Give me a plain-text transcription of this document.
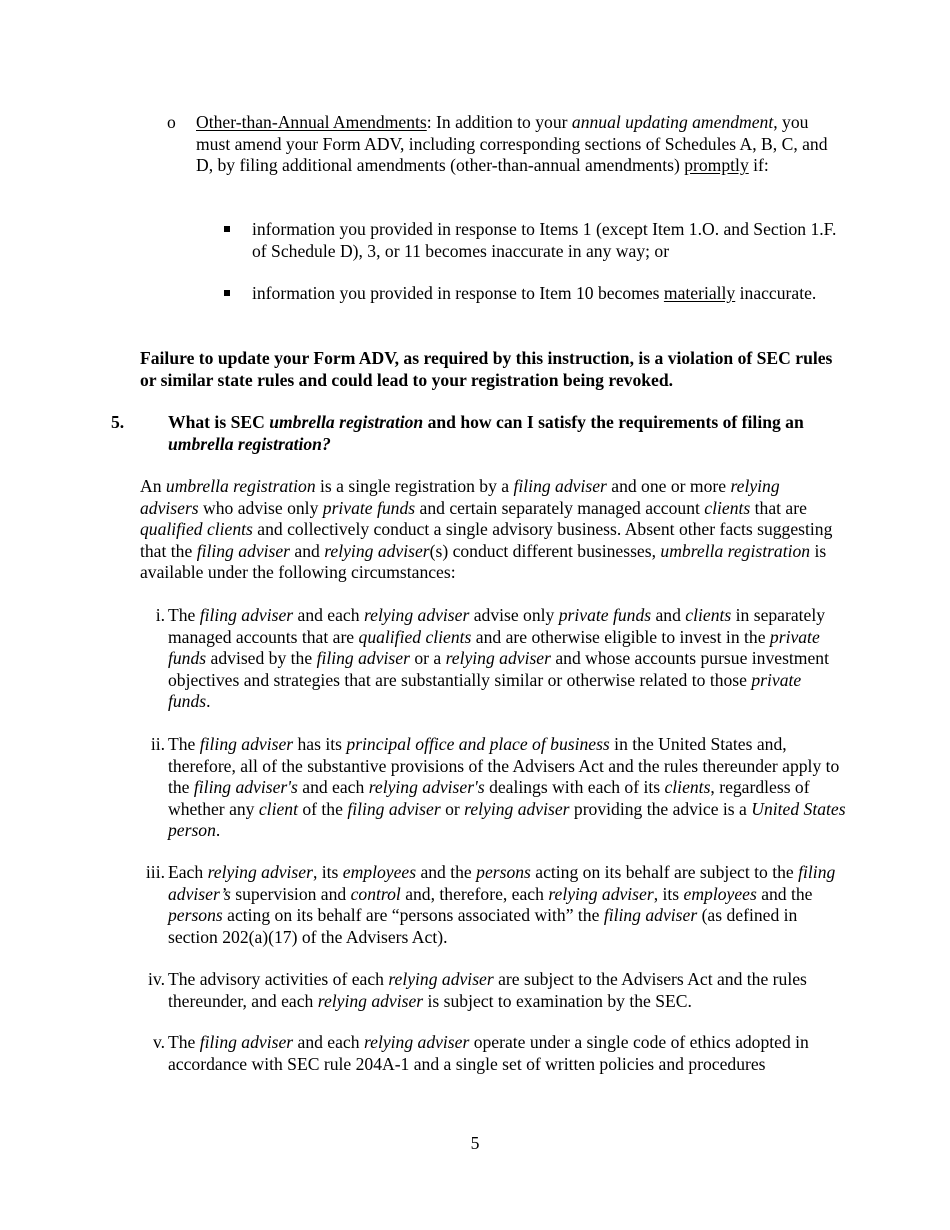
o Other-than-Annual Amendments: In addition to your annual updating amendment, you must amend your Form ADV, including corresponding sections of Schedules A, B, C, and D, by filing additional amendments (other-than-annual amendments) promptly if:

information you provided in response to Items 1 (except Item 1.O. and Section 1.F. of Schedule D), 3, or 11 becomes inaccurate in any way; or

information you provided in response to Item 10 becomes materially inaccurate.

Failure to update your Form ADV, as required by this instruction, is a violation of SEC rules or similar state rules and could lead to your registration being revoked.

5. What is SEC umbrella registration and how can I satisfy the requirements of filing an umbrella registration?

An umbrella registration is a single registration by a filing adviser and one or more relying advisers who advise only private funds and certain separately managed account clients that are qualified clients and collectively conduct a single advisory business. Absent other facts suggesting that the filing adviser and relying adviser(s) conduct different businesses, umbrella registration is available under the following circumstances:

i. The filing adviser and each relying adviser advise only private funds and clients in separately managed accounts that are qualified clients and are otherwise eligible to invest in the private funds advised by the filing adviser or a relying adviser and whose accounts pursue investment objectives and strategies that are substantially similar or otherwise related to those private funds.

ii. The filing adviser has its principal office and place of business in the United States and, therefore, all of the substantive provisions of the Advisers Act and the rules thereunder apply to the filing adviser's and each relying adviser's dealings with each of its clients, regardless of whether any client of the filing adviser or relying adviser providing the advice is a United States person.

iii. Each relying adviser, its employees and the persons acting on its behalf are subject to the filing adviser’s supervision and control and, therefore, each relying adviser, its employees and the persons acting on its behalf are “persons associated with” the filing adviser (as defined in section 202(a)(17) of the Advisers Act).

iv. The advisory activities of each relying adviser are subject to the Advisers Act and the rules thereunder, and each relying adviser is subject to examination by the SEC.

v. The filing adviser and each relying adviser operate under a single code of ethics adopted in accordance with SEC rule 204A-1 and a single set of written policies and procedures

5
